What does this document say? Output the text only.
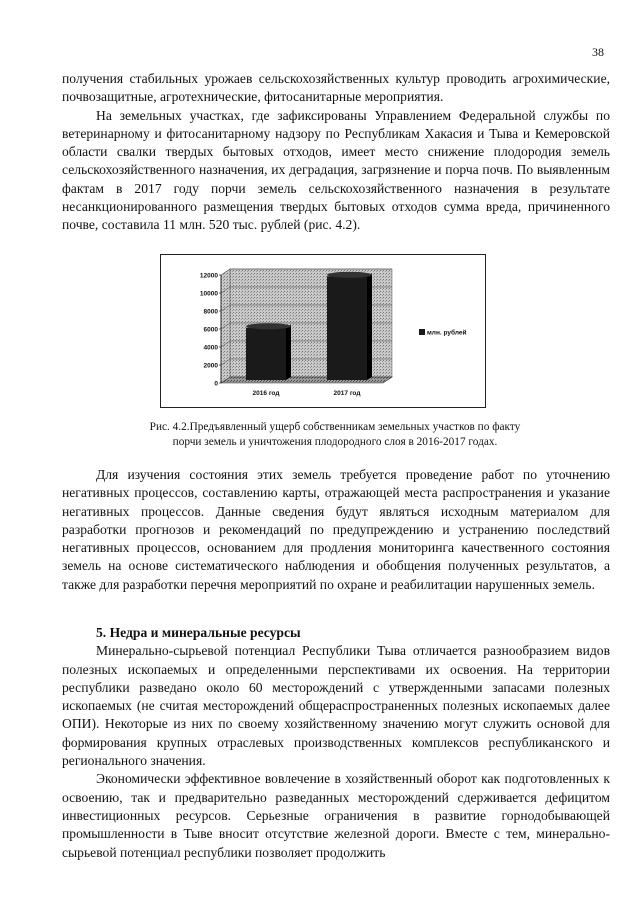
38

получения стабильных урожаев сельскохозяйственных культур проводить агрохимические, почвозащитные, агротехнические, фитосанитарные мероприятия.

На земельных участках, где зафиксированы Управлением Федеральной службы по ветеринарному и фитосанитарному надзору по Республикам Хакасия и Тыва и Кемеровской области свалки твердых бытовых отходов, имеет место снижение плодородия земель сельскохозяйственного назначения, их деградация, загрязнение и порча почв. По выявленным фактам в 2017 году порчи земель сельскохозяйственного назначения в результате несанкционированного размещения твердых бытовых отходов сумма вреда, причиненного почве, составила 11 млн. 520 тыс. рублей (рис. 4.2).

0
2000
4000
6000
8000
10000
12000
2016 год	2017 год
млн. рублей

Рис. 4.2.Предъявленный ущерб собственникам земельных участков по факту

порчи земель и уничтожения плодородного слоя в 2016-2017 годах.

Для изучения состояния этих земель требуется проведение работ по уточнению негативных процессов, составлению карты, отражающей места распространения и указание негативных процессов. Данные сведения будут являться исходным материалом для разработки прогнозов и рекомендаций по предупреждению и устранению последствий негативных процессов, основанием для продления мониторинга качественного состояния земель на основе систематического наблюдения и обобщения полученных результатов, а также для разработки перечня мероприятий по охране и реабилитации нарушенных земель.

5. Недра и минеральные ресурсы

Минерально-сырьевой потенциал Республики Тыва отличается разнообразием видов полезных ископаемых и определенными перспективами их освоения. На территории республики разведано около 60 месторождений с утвержденными запасами полезных ископаемых (не считая месторождений общераспространенных полезных ископаемых далее ОПИ). Некоторые из них по своему хозяйственному значению могут служить основой для формирования крупных отраслевых производственных комплексов республиканского и регионального значения.

Экономически эффективное вовлечение в хозяйственный оборот как подготовленных к освоению, так и предварительно разведанных месторождений сдерживается дефицитом инвестиционных ресурсов. Серьезные ограничения в развитие горнодобывающей промышленности в Тыве вносит отсутствие железной дороги. Вместе с тем, минерально-сырьевой потенциал республики позволяет продолжить
